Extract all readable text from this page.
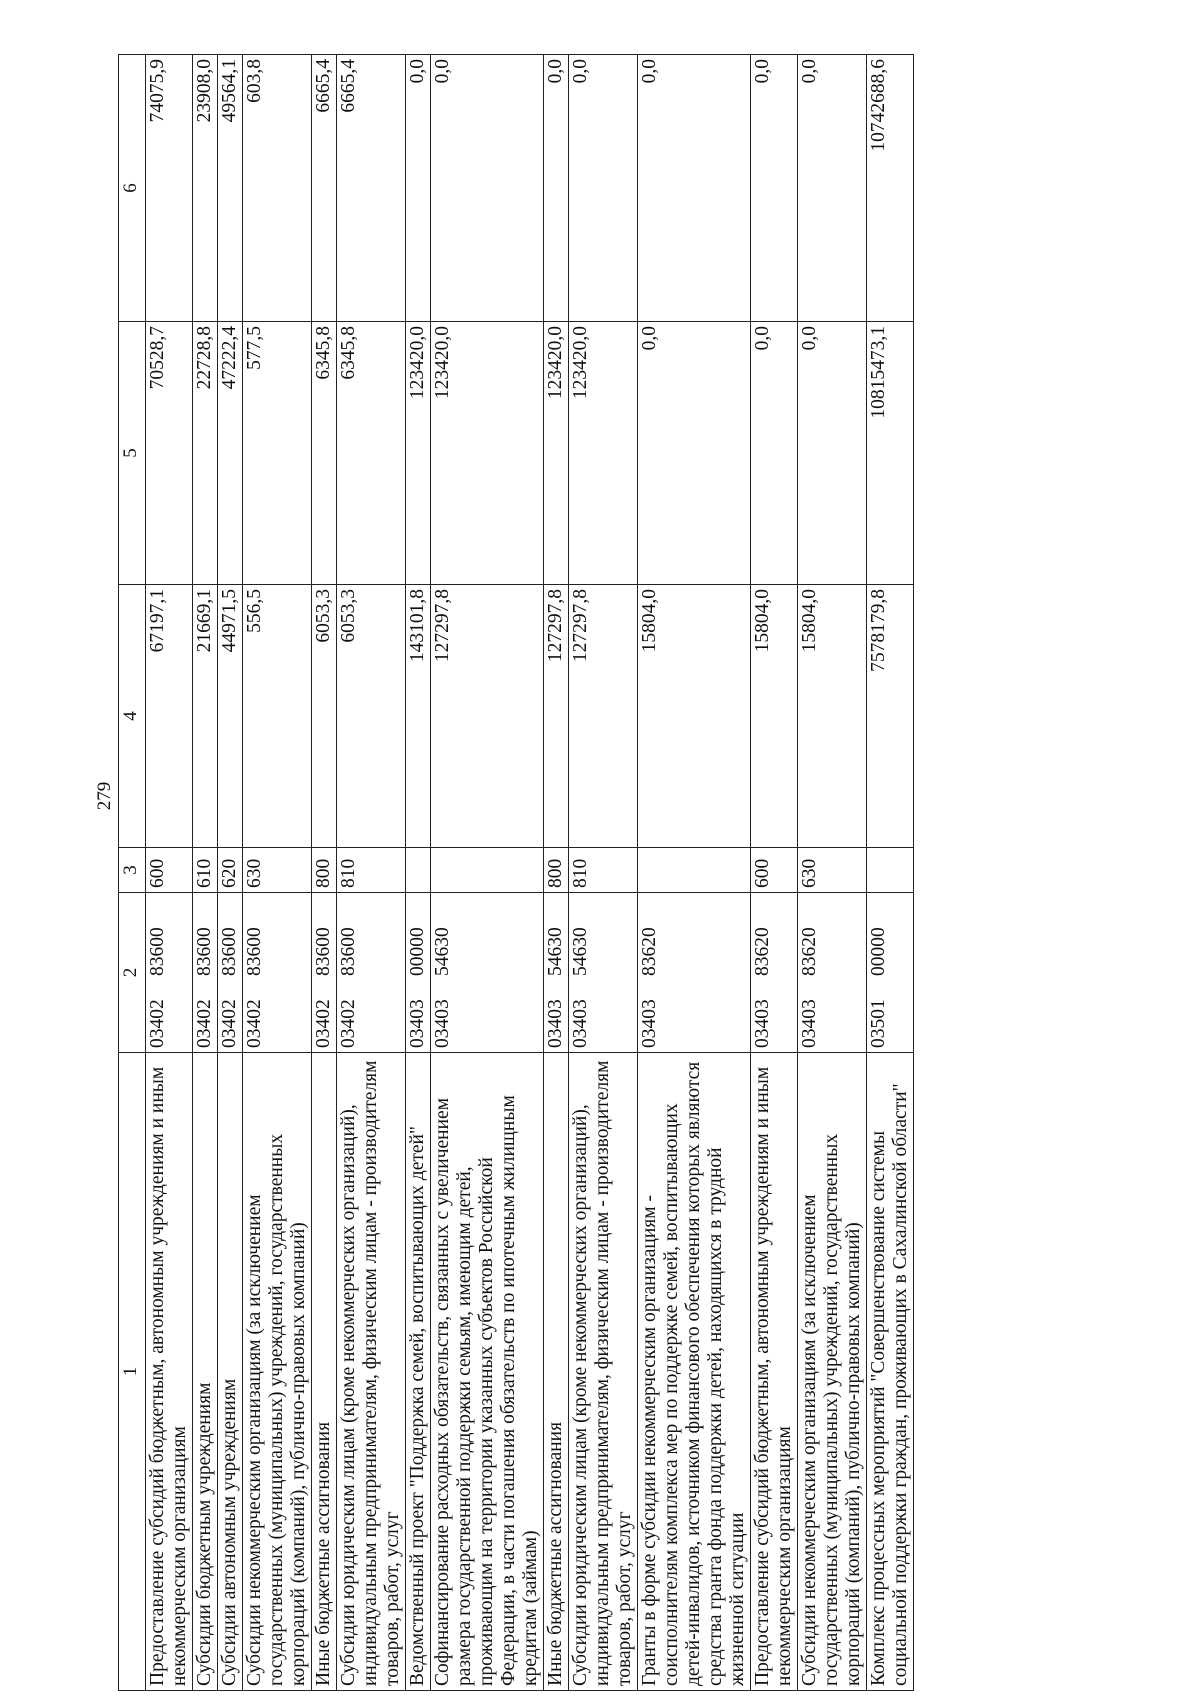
279
1	2	3	4	5	6
Предоставление субсидий бюджетным, автономным учреждениям и иным некоммерческим организациям	0340283600	600	67197,1	70528,7	74075,9
Субсидии бюджетным учреждениям	0340283600	610	21669,1	22728,8	23908,0
Субсидии автономным учреждениям	0340283600	620	44971,5	47222,4	49564,1
Субсидии некоммерческим организациям (за исключением государственных (муниципальных) учреждений, государственных корпораций (компаний), публично-правовых компаний)	0340283600	630	556,5	577,5	603,8
Иные бюджетные ассигнования	0340283600	800	6053,3	6345,8	6665,4
Субсидии юридическим лицам (кроме некоммерческих организаций), индивидуальным предпринимателям, физическим лицам - производителям товаров, работ, услуг	0340283600	810	6053,3	6345,8	6665,4
Ведомственный проект "Поддержка семей, воспитывающих детей"	0340300000		143101,8	123420,0	0,0
Софинансирование расходных обязательств, связанных с увеличением размера государственной поддержки семьям, имеющим детей, проживающим на территории указанных субъектов Российской Федерации, в части погашения обязательств по ипотечным жилищным кредитам (займам)	0340354630		127297,8	123420,0	0,0
Иные бюджетные ассигнования	0340354630	800	127297,8	123420,0	0,0
Субсидии юридическим лицам (кроме некоммерческих организаций), индивидуальным предпринимателям, физическим лицам - производителям товаров, работ, услуг	0340354630	810	127297,8	123420,0	0,0
Гранты в форме субсидии некоммерческим организациям - соисполнителям комплекса мер по поддержке семей, воспитывающих детей-инвалидов, источником финансового обеспечения которых являются средства гранта фонда поддержки детей, находящихся в трудной жизненной ситуации	0340383620		15804,0	0,0	0,0
Предоставление субсидий бюджетным, автономным учреждениям и иным некоммерческим организациям	0340383620	600	15804,0	0,0	0,0
Субсидии некоммерческим организациям (за исключением государственных (муниципальных) учреждений, государственных корпораций (компаний), публично-правовых компаний)	0340383620	630	15804,0	0,0	0,0
Комплекс процессных мероприятий "Совершенствование системы социальной поддержки граждан, проживающих в Сахалинской области"	0350100000		7578179,8	10815473,1	10742688,6
